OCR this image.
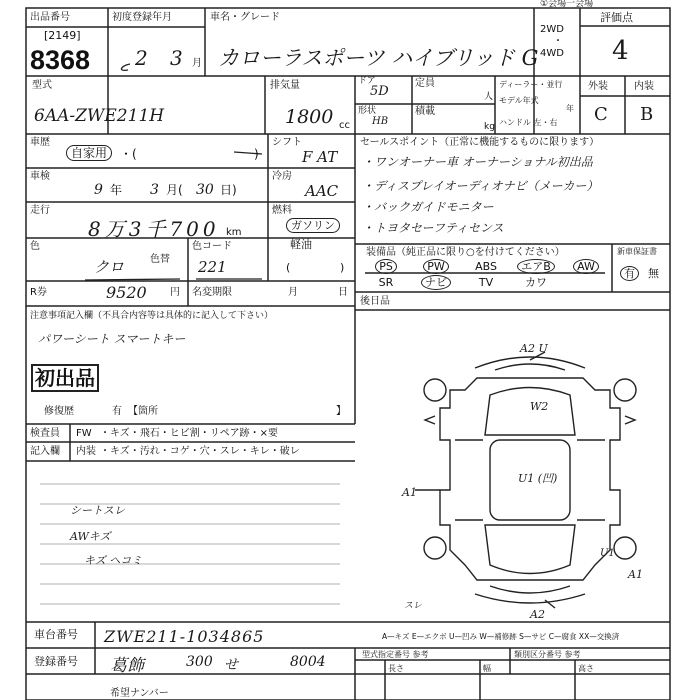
①会場一会場
出品番号
[2149]
8368
初度登録年月
2 3 月
車名・グレード
カローラスポーツ ハイブリッド G
2WD
・
4WD
評価点
4
型式
6AA-ZWE211H
排気量
1800 cc
ドア
5D
形状
HB
定員
人
積載
kg
ディーラー・並行
モデル年式
年
ハンドル 左・右
外装	内装
C B
車歴
自家用	・(	)
シフト
F AT
車検
9 年 3 月( 30 日)
冷房
AAC
走行
8万3千700 km
燃料
ガソリン
軽油
(	)
色
クロ	色替
色コード
221
R券	9520 円 名変期限	月	日
注意事項記入欄（不具合内容等は具体的に記入して下さい）
パワーシート スマートキー
初出品
修復歴	有 【箇所	】
セールスポイント（正常に機能するものに限ります）
・ワンオーナー車 オーナーショナル初出品
・ディスプレイオーディオナビ（メーカー）
・バックガイドモニター
・トヨタセーフティセンス
装備品（純正品に限り○を付けてください）	新車保証書
PS	PW	ABS	エアB	AW
SR	ナビ	TV	カワ
有	無
後日品
検査員
記入欄
FW ・キズ・飛石・ヒビ割・リペア跡・×要
内装 ・キズ・汚れ・コゲ・穴・スレ・キレ・破レ
シートスレ
AWキズ
キズ ヘコミ
A2 U
W2
A1
U1 (凹)
A1
U1
A2
スレ
A—キズ E—エクボ U—凹み W—補修跡 S—サビ C—腐食 XX—交換済
車台番号 ZWE211-1034865
登録番号 葛飾	300 せ	8004	型式指定番号 参考	類別区分番号 参考
長さ	幅	高さ
希望ナンバー
